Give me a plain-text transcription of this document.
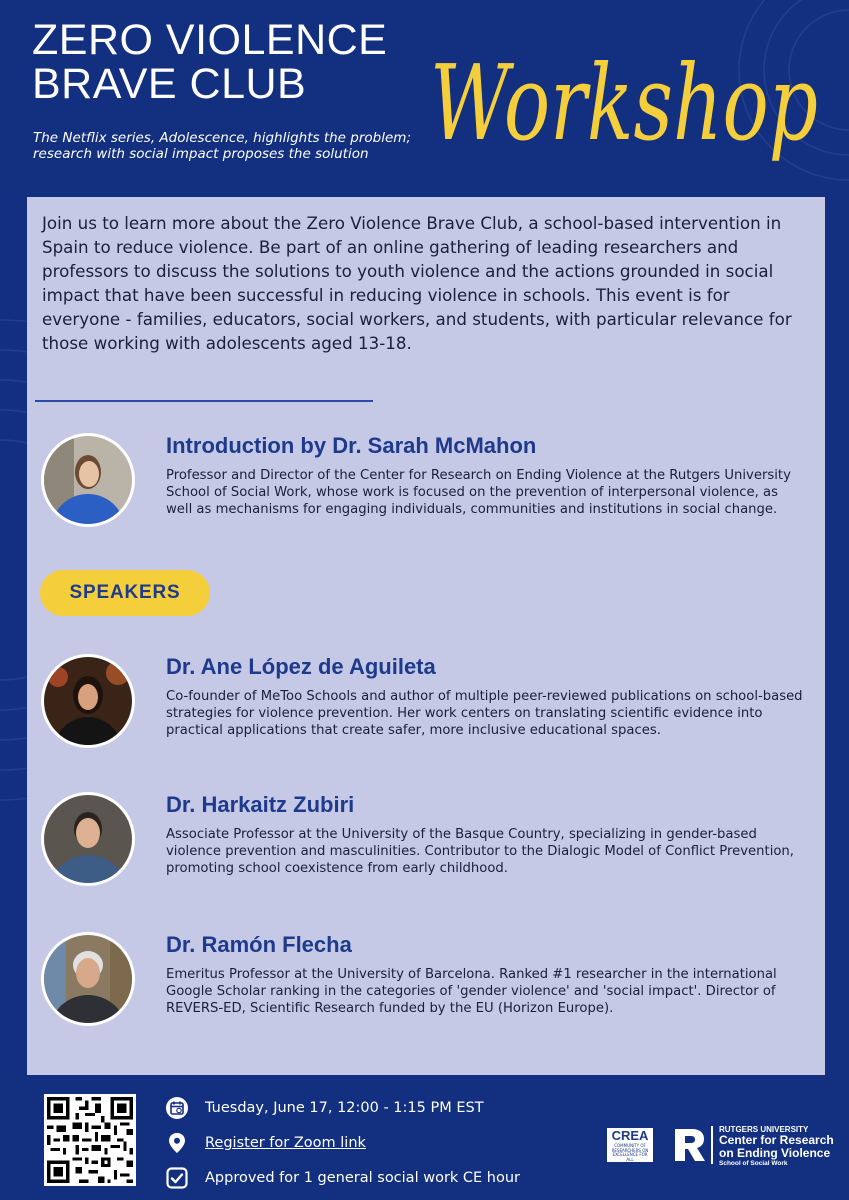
ZERO VIOLENCE
BRAVE CLUB

The Netflix series, Adolescence, highlights the problem; research with social impact proposes the solution Workshop

Join us to learn more about the Zero Violence Brave Club, a school-based intervention in Spain to reduce violence. Be part of an online gathering of leading researchers and professors to discuss the solutions to youth violence and the actions grounded in social impact that have been successful in reducing violence in schools. This event is for everyone - families, educators, social workers, and students, with particular relevance for those working with adolescents aged 13-18.

Introduction by Dr. Sarah McMahon

Professor and Director of the Center for Research on Ending Violence at the Rutgers University School of Social Work, whose work is focused on the prevention of interpersonal violence, as well as mechanisms for engaging individuals, communities and institutions in social change.

SPEAKERS
Dr. Ane López de Aguileta

Co-founder of MeToo Schools and author of multiple peer-reviewed publications on school-based strategies for violence prevention. Her work centers on translating scientific evidence into practical applications that create safer, more inclusive educational spaces.

Dr. Harkaitz Zubiri

Associate Professor at the University of the Basque Country, specializing in gender-based violence prevention and masculinities. Contributor to the Dialogic Model of Conflict Prevention, promoting school coexistence from early childhood.

Dr. Ramón Flecha

Emeritus Professor at the University of Barcelona. Ranked #1 researcher in the international Google Scholar ranking in the categories of 'gender violence' and 'social impact'. Director of REVERS-ED, Scientific Research funded by the EU (Horizon Europe).

Tuesday, June 17, 12:00 - 1:15 PM EST
Register for Zoom link
Approved for 1 general social work CE hour
CREA
COMMUNITY OF RESEARCHERS ON EXCELLENCE FOR ALL
RUTGERS UNIVERSITY
Center for Research
on Ending Violence
School of Social Work
